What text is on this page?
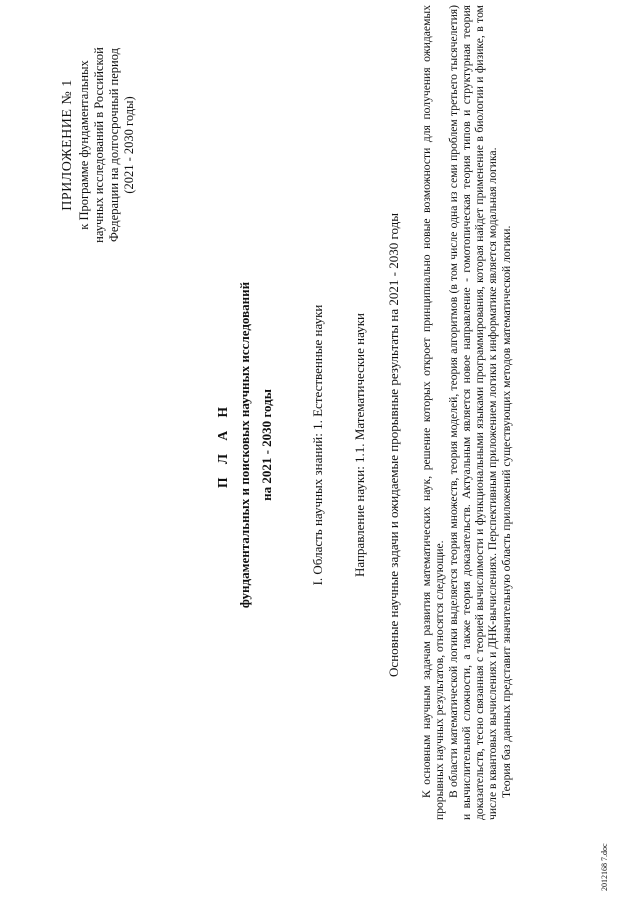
ПРИЛОЖЕНИЕ № 1 к Программе фундаментальных научных исследований в Российской Федерации на долгосрочный период (2021 - 2030 годы)
П Л А Н фундаментальных и поисковых научных исследований на 2021 - 2030 годы	I. Область научных знаний: 1. Естественные науки Направление науки: 1.1. Математические науки Основные научные задачи и ожидаемые прорывные результаты на 2021 - 2030 годы К основным научным задачам развития математических наук, решение которых откроет принципиально новые возможности для получения ожидаемых прорывных научных результатов, относятся следующие. В области математической логики выделяется теория множеств, теория моделей, теория алгоритмов (в том числе одна из семи проблем третьего тысячелетия) и вычислительной сложности, а также теория доказательств. Актуальным является новое направление - гомотопическая теория типов и структурная теория доказательств, тесно связанная с теорией вычислимости и функциональными языками программирования, которая найдет применение в биологии и физике, в том числе в квантовых вычислениях и ДНК-вычислениях. Перспективным приложением логики к информатике является модальная логика. Теория баз данных представит значительную область приложений существующих методов математической логики.

2012168 7.doc
